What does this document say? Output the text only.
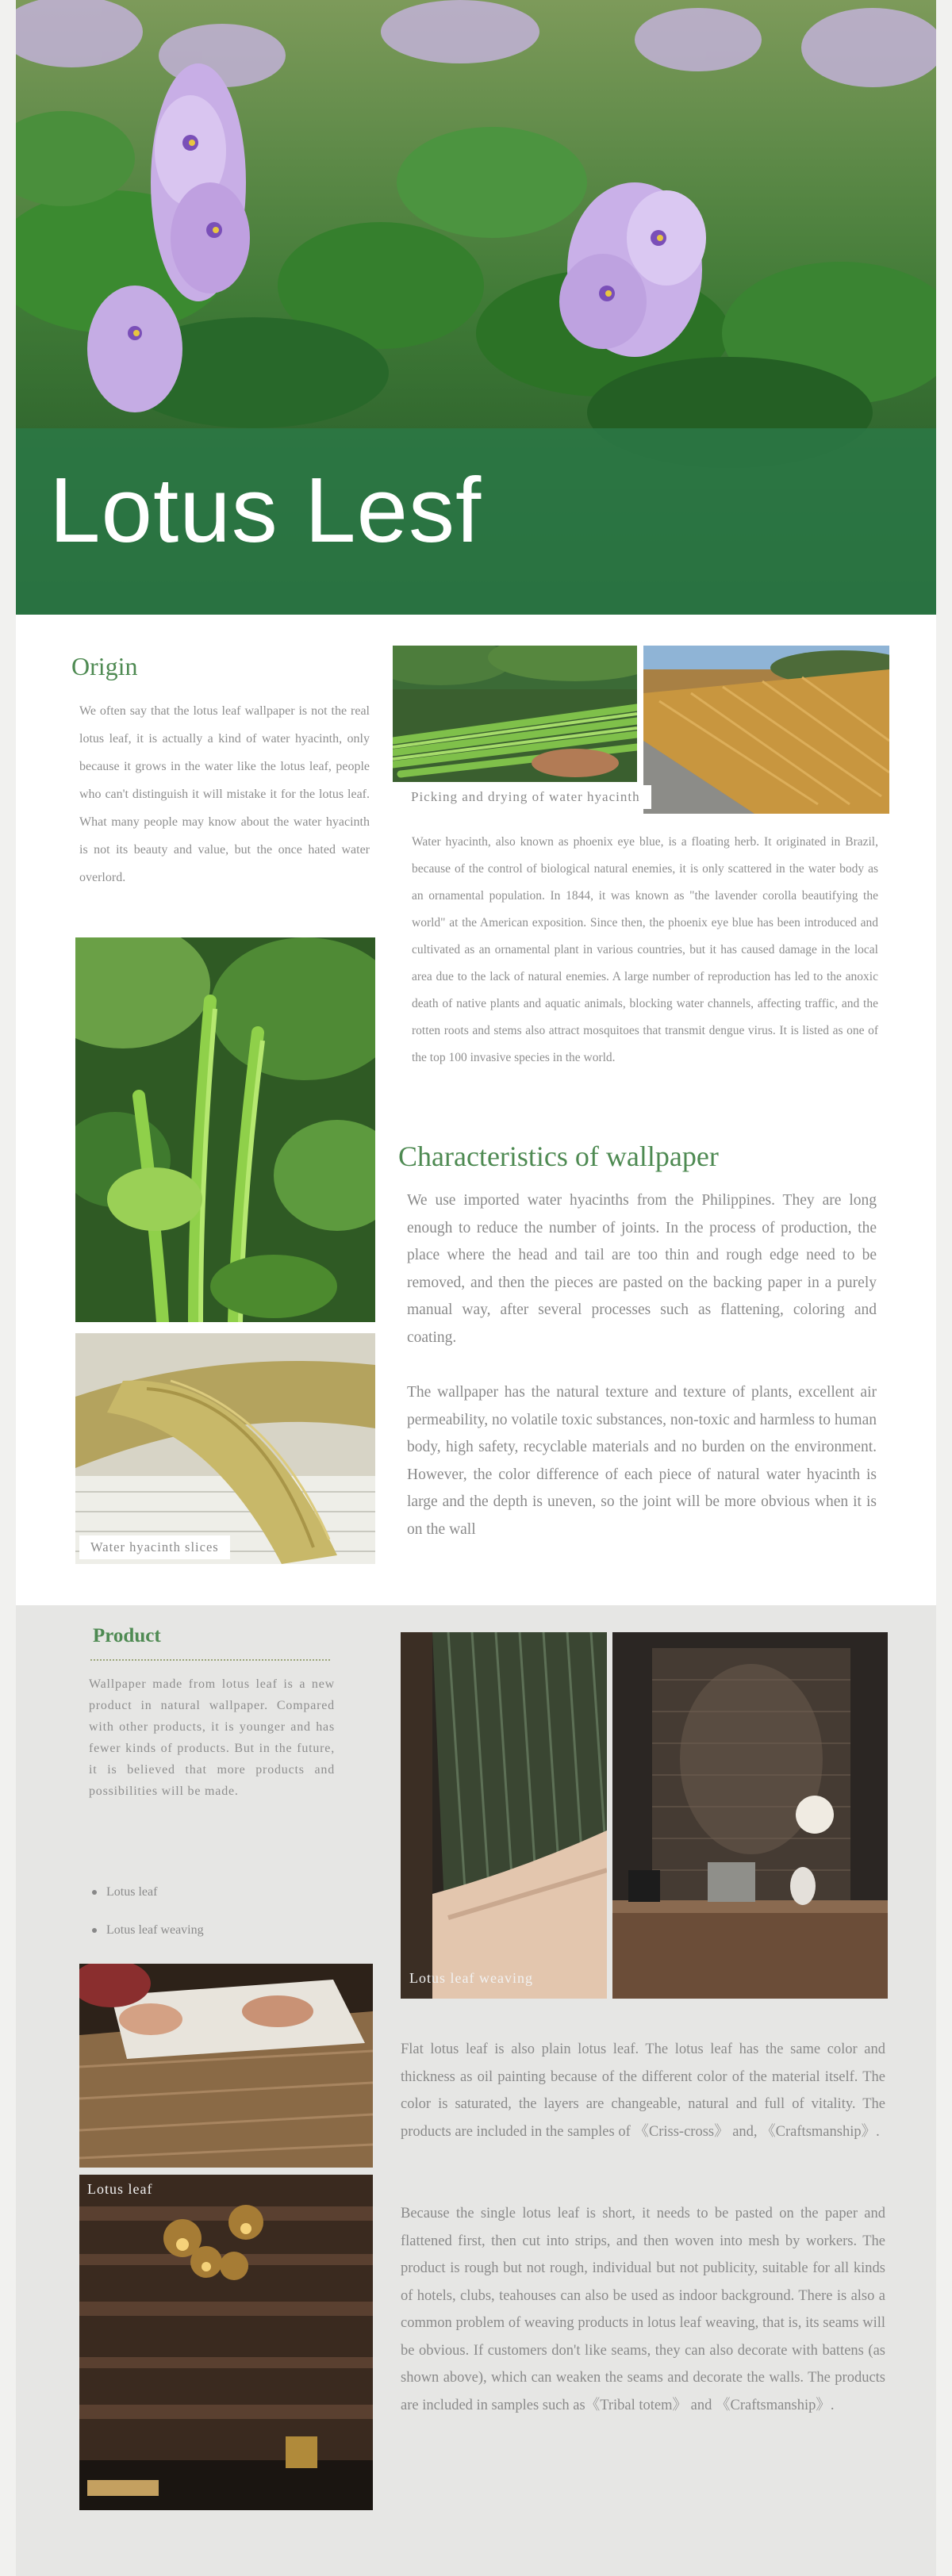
Lotus Lesf
Origin
We often say that the lotus leaf wallpaper is not the real lotus leaf, it is actually a kind of water hyacinth, only because it grows in the water like the lotus leaf, people who can't distinguish it will mistake it for the lotus leaf. What many people may know about the water hyacinth is not its beauty and value, but the once hated water overlord.
Picking and drying of water hyacinth
Water hyacinth, also known as phoenix eye blue, is a floating herb. It originated in Brazil, because of the control of biological natural enemies, it is only scattered in the water body as an ornamental population. In 1844, it was known as "the lavender corolla beautifying the world" at the American exposition. Since then, the phoenix eye blue has been introduced and cultivated as an ornamental plant in various countries, but it has caused damage in the local area due to the lack of natural enemies. A large number of reproduction has led to the anoxic death of native plants and aquatic animals, blocking water channels, affecting traffic, and the rotten roots and stems also attract mosquitoes that transmit dengue virus. It is listed as one of the top 100 invasive species in the world.
Water hyacinth slices
Characteristics of wallpaper
We use imported water hyacinths from the Philippines. They are long enough to reduce the number of joints. In the process of production, the place where the head and tail are too thin and rough edge need to be removed, and then the pieces are pasted on the backing paper in a purely manual way, after several processes such as flattening, coloring and coating.
The wallpaper has the natural texture and texture of plants, excellent air permeability, no volatile toxic substances, non-toxic and harmless to human body, high safety, recyclable materials and no burden on the environment. However, the color difference of each piece of natural water hyacinth is large and the depth is uneven, so the joint will be more obvious when it is on the wall
Product
Wallpaper made from lotus leaf is a new product in natural wallpaper. Compared with other products, it is younger and has fewer kinds of products. But in the future, it is believed that more products and possibilities will be made.
Lotus leaf
Lotus leaf weaving
Lotus leaf weaving
Lotus leaf
Flat lotus leaf is also plain lotus leaf. The lotus leaf has the same color and thickness as oil painting because of the different color of the material itself. The color is saturated, the layers are changeable, natural and full of vitality. The products are included in the samples of 《Criss-cross》 and, 《Craftsmanship》.
Because the single lotus leaf is short, it needs to be pasted on the paper and flattened first, then cut into strips, and then woven into mesh by workers. The product is rough but not rough, individual but not publicity, suitable for all kinds of hotels, clubs, teahouses can also be used as indoor background. There is also a common problem of weaving products in lotus leaf weaving, that is, its seams will be obvious. If customers don't like seams, they can also decorate with battens (as shown above), which can weaken the seams and decorate the walls. The products are included in samples such as《Tribal totem》 and 《Craftsmanship》.
